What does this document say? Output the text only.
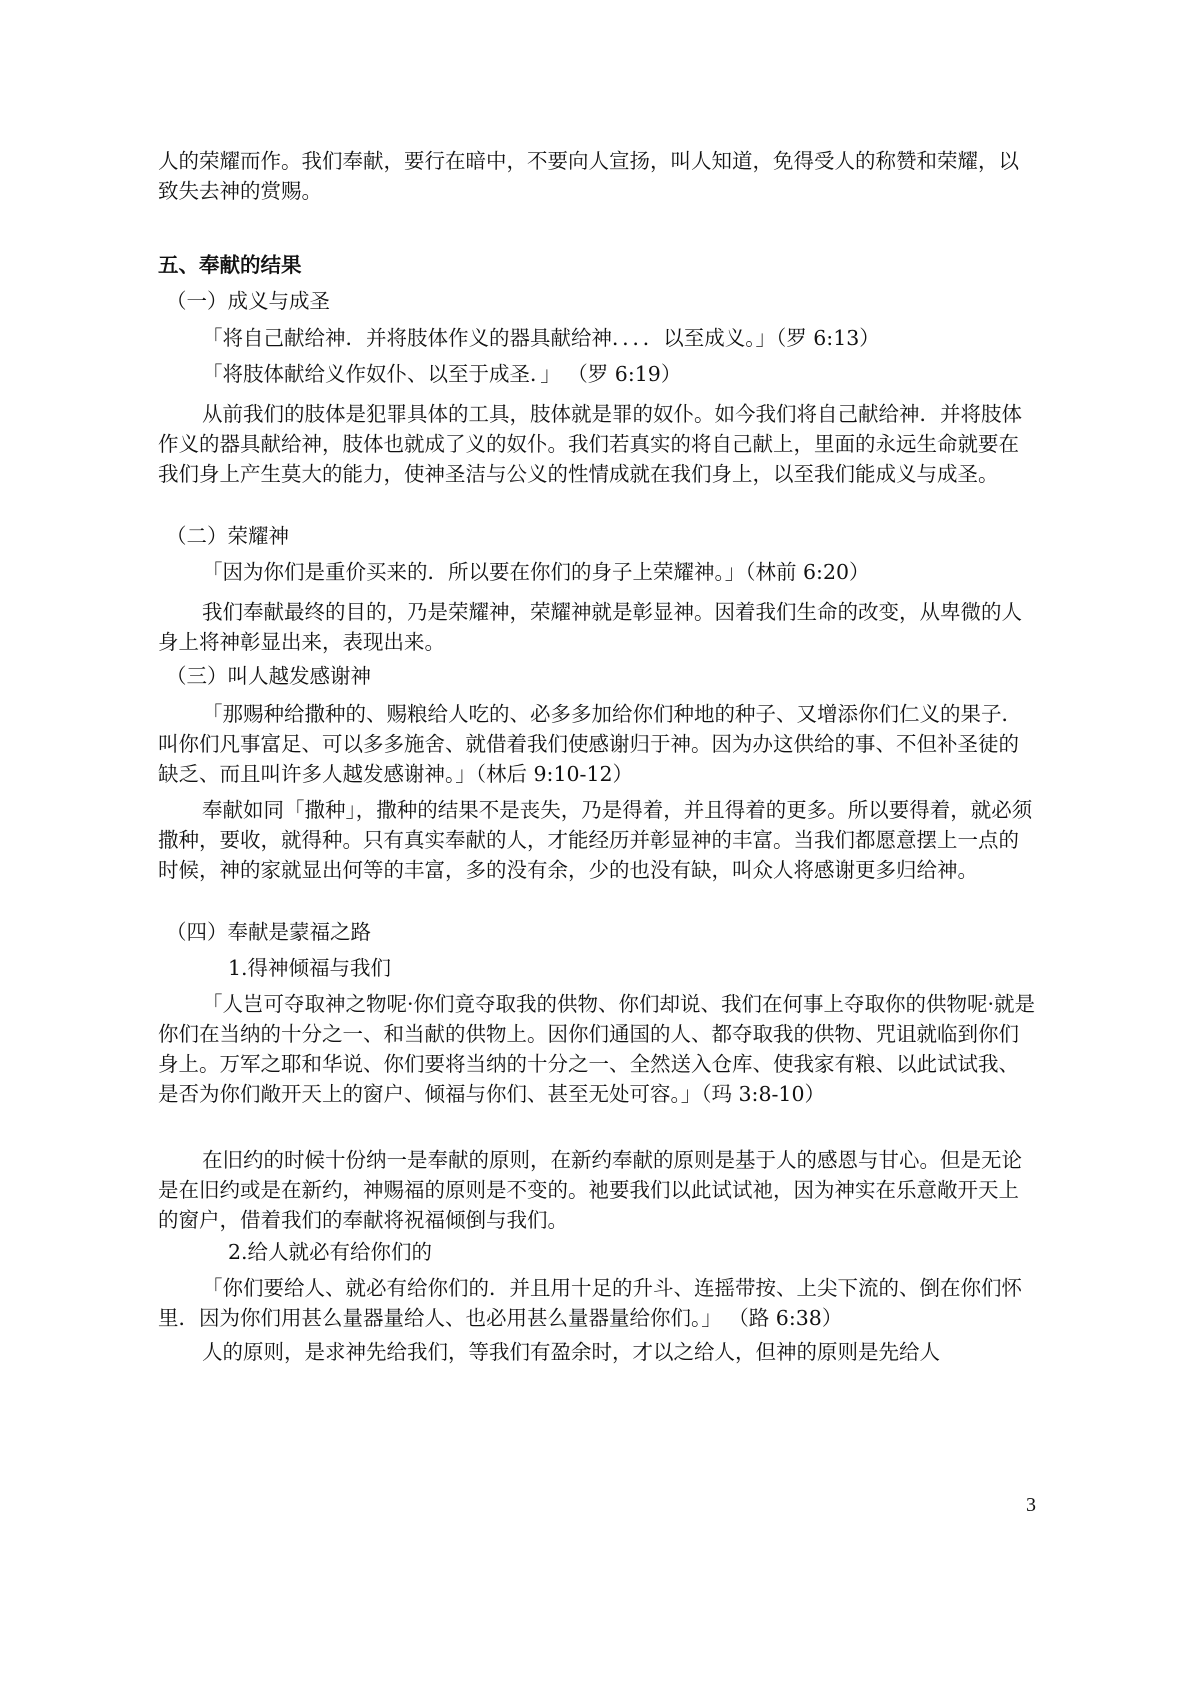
人的荣耀而作。我们奉献，要行在暗中，不要向人宣扬，叫人知道，免得受人的称赞和荣耀，以致失去神的赏赐。

五、奉献的结果

（一）成义与成圣

「将自己献给神．并将肢体作义的器具献给神．．．．以至成义。」（罗 6:13）

「将肢体献给义作奴仆、以至于成圣．」 （罗 6:19）

从前我们的肢体是犯罪具体的工具，肢体就是罪的奴仆。如今我们将自己献给神．并将肢体作义的器具献给神，肢体也就成了义的奴仆。我们若真实的将自己献上，里面的永远生命就要在我们身上产生莫大的能力，使神圣洁与公义的性情成就在我们身上，以至我们能成义与成圣。

（二）荣耀神

「因为你们是重价买来的．所以要在你们的身子上荣耀神。」（林前 6:20）

我们奉献最终的目的，乃是荣耀神，荣耀神就是彰显神。因着我们生命的改变，从卑微的人身上将神彰显出来，表现出来。

（三）叫人越发感谢神

「那赐种给撒种的、赐粮给人吃的、必多多加给你们种地的种子、又增添你们仁义的果子．叫你们凡事富足、可以多多施舍、就借着我们使感谢归于神。因为办这供给的事、不但补圣徒的缺乏、而且叫许多人越发感谢神。」（林后 9:10-12）

奉献如同「撒种」，撒种的结果不是丧失，乃是得着，并且得着的更多。所以要得着，就必须撒种，要收，就得种。只有真实奉献的人，才能经历并彰显神的丰富。当我们都愿意摆上一点的时候，神的家就显出何等的丰富，多的没有余，少的也没有缺，叫众人将感谢更多归给神。

（四）奉献是蒙福之路

1.得神倾福与我们

「人岂可夺取神之物呢·你们竟夺取我的供物、你们却说、我们在何事上夺取你的供物呢·就是你们在当纳的十分之一、和当献的供物上。因你们通国的人、都夺取我的供物、咒诅就临到你们身上。万军之耶和华说、你们要将当纳的十分之一、全然送入仓库、使我家有粮、以此试试我、是否为你们敞开天上的窗户、倾福与你们、甚至无处可容。」（玛 3:8-10）

在旧约的时候十份纳一是奉献的原则，在新约奉献的原则是基于人的感恩与甘心。但是无论是在旧约或是在新约，神赐福的原则是不变的。祂要我们以此试试祂，因为神实在乐意敞开天上的窗户，借着我们的奉献将祝福倾倒与我们。

2.给人就必有给你们的

「你们要给人、就必有给你们的．并且用十足的升斗、连摇带按、上尖下流的、倒在你们怀里．因为你们用甚么量器量给人、也必用甚么量器量给你们。」 （路 6:38）

人的原则，是求神先给我们，等我们有盈余时，才以之给人，但神的原则是先给人

3
